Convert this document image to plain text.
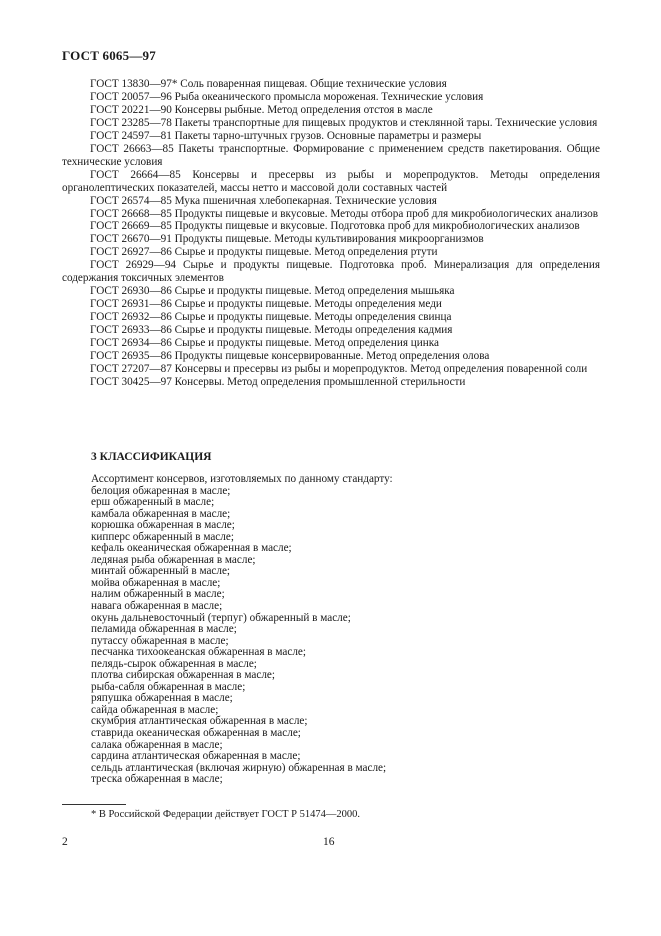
ГОСТ 6065—97
ГОСТ 13830—97* Соль поваренная пищевая. Общие технические условия
ГОСТ 20057—96 Рыба океанического промысла мороженая. Технические условия
ГОСТ 20221—90 Консервы рыбные. Метод определения отстоя в масле
ГОСТ 23285—78 Пакеты транспортные для пищевых продуктов и стеклянной тары. Технические условия
ГОСТ 24597—81 Пакеты тарно-штучных грузов. Основные параметры и размеры
ГОСТ 26663—85 Пакеты транспортные. Формирование с применением средств пакетирования. Общие технические условия
ГОСТ 26664—85 Консервы и пресервы из рыбы и морепродуктов. Методы определения органолептических показателей, массы нетто и массовой доли составных частей
ГОСТ 26574—85 Мука пшеничная хлебопекарная. Технические условия
ГОСТ 26668—85 Продукты пищевые и вкусовые. Методы отбора проб для микробиологических анализов
ГОСТ 26669—85 Продукты пищевые и вкусовые. Подготовка проб для микробиологических анализов
ГОСТ 26670—91 Продукты пищевые. Методы культивирования микроорганизмов
ГОСТ 26927—86 Сырье и продукты пищевые. Метод определения ртути
ГОСТ 26929—94 Сырье и продукты пищевые. Подготовка проб. Минерализация для определения содержания токсичных элементов
ГОСТ 26930—86 Сырье и продукты пищевые. Метод определения мышьяка
ГОСТ 26931—86 Сырье и продукты пищевые. Методы определения меди
ГОСТ 26932—86 Сырье и продукты пищевые. Методы определения свинца
ГОСТ 26933—86 Сырье и продукты пищевые. Методы определения кадмия
ГОСТ 26934—86 Сырье и продукты пищевые. Метод определения цинка
ГОСТ 26935—86 Продукты пищевые консервированные. Метод определения олова
ГОСТ 27207—87 Консервы и пресервы из рыбы и морепродуктов. Метод определения поваренной соли
ГОСТ 30425—97 Консервы. Метод определения промышленной стерильности
3 КЛАССИФИКАЦИЯ
Ассортимент консервов, изготовляемых по данному стандарту:
белоция обжаренная в масле;
ерш обжаренный в масле;
камбала обжаренная в масле;
корюшка обжаренная в масле;
кипперс обжаренный в масле;
кефаль океаническая обжаренная в масле;
ледяная рыба обжаренная в масле;
минтай обжаренный в масле;
мойва обжаренная в масле;
налим обжаренный в масле;
навага обжаренная в масле;
окунь дальневосточный (терпуг) обжаренный в масле;
пеламида обжаренная в масле;
путассу обжаренная в масле;
песчанка тихоокеанская обжаренная в масле;
пелядь-сырок обжаренная в масле;
плотва сибирская обжаренная в масле;
рыба-сабля обжаренная в масле;
ряпушка обжаренная в масле;
сайда обжаренная в масле;
скумбрия атлантическая обжаренная в масле;
ставрида океаническая обжаренная в масле;
салака обжаренная в масле;
сардина атлантическая обжаренная в масле;
сельдь атлантическая (включая жирную) обжаренная в масле;
треска обжаренная в масле;
* В Российской Федерации действует ГОСТ Р 51474—2000.
2	16
